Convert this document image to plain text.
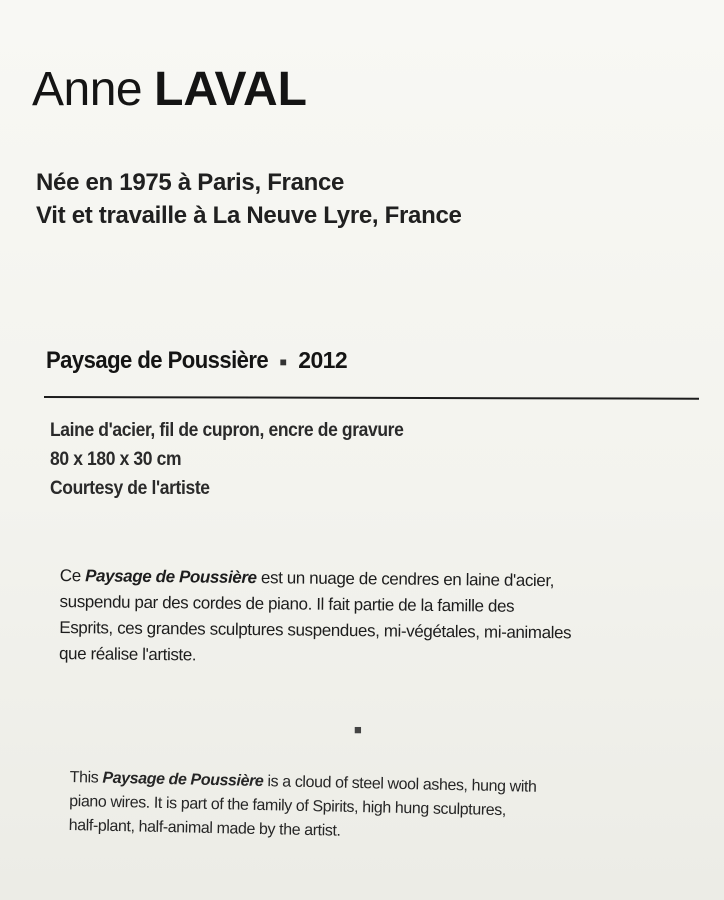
Anne LAVAL
Née en 1975 à Paris, France
Vit et travaille à La Neuve Lyre, France
Paysage de Poussière ■ 2012
Laine d'acier, fil de cupron, encre de gravure
80 x 180 x 30 cm
Courtesy de l'artiste
Ce Paysage de Poussière est un nuage de cendres en laine d'acier,
suspendu par des cordes de piano. Il fait partie de la famille des
Esprits, ces grandes sculptures suspendues, mi-végétales, mi-animales
que réalise l'artiste.
■
This Paysage de Poussière is a cloud of steel wool ashes, hung with
piano wires. It is part of the family of Spirits, high hung sculptures,
half-plant, half-animal made by the artist.
